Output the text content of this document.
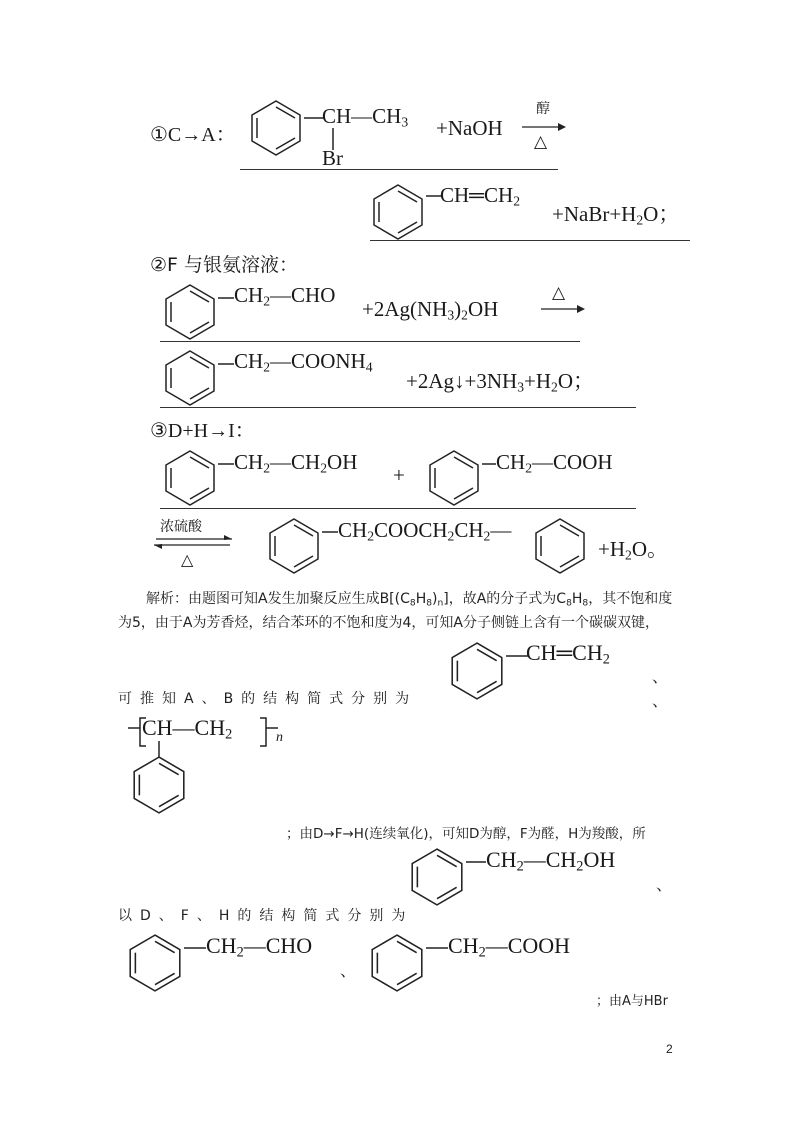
①C→A：
$CH—CH_3$
Br
+NaOH
醇
△
$CH═CH_2$
$+NaBr+H_2O$；
②F 与银氨溶液：
$CH_2—CHO$
$+2Ag(NH_3)_2OH$
△
$CH_2—COONH_4$
$+2Ag↓+3NH_3+H_2O$；
③D+H→I：
$CH_2—CH_2OH$
+
$CH_2—COOH$
浓硫酸
△
$CH_2COOCH_2CH_2—$
$+H_2O$。
解析：由题图可知A发生加聚反应生成$B[(C_8H_8)_n]$，故A的分子式为$C_8H_8$，其不饱和度
为5，由于A为芳香烃，结合苯环的不饱和度为4，可知A分子侧链上含有一个碳碳双键，
$CH═CH_2$
、
可推知A、B的结构简式分别为	、
$CH—CH_2$	n
；由D→F→H(连续氧化)，可知D为醇，F为醛，H为羧酸，所
$CH_2—CH_2OH$
、
以D、F、H的结构简式分别为
$CH_2—CHO$
、
$CH_2—COOH$
；由A与HBr
2
